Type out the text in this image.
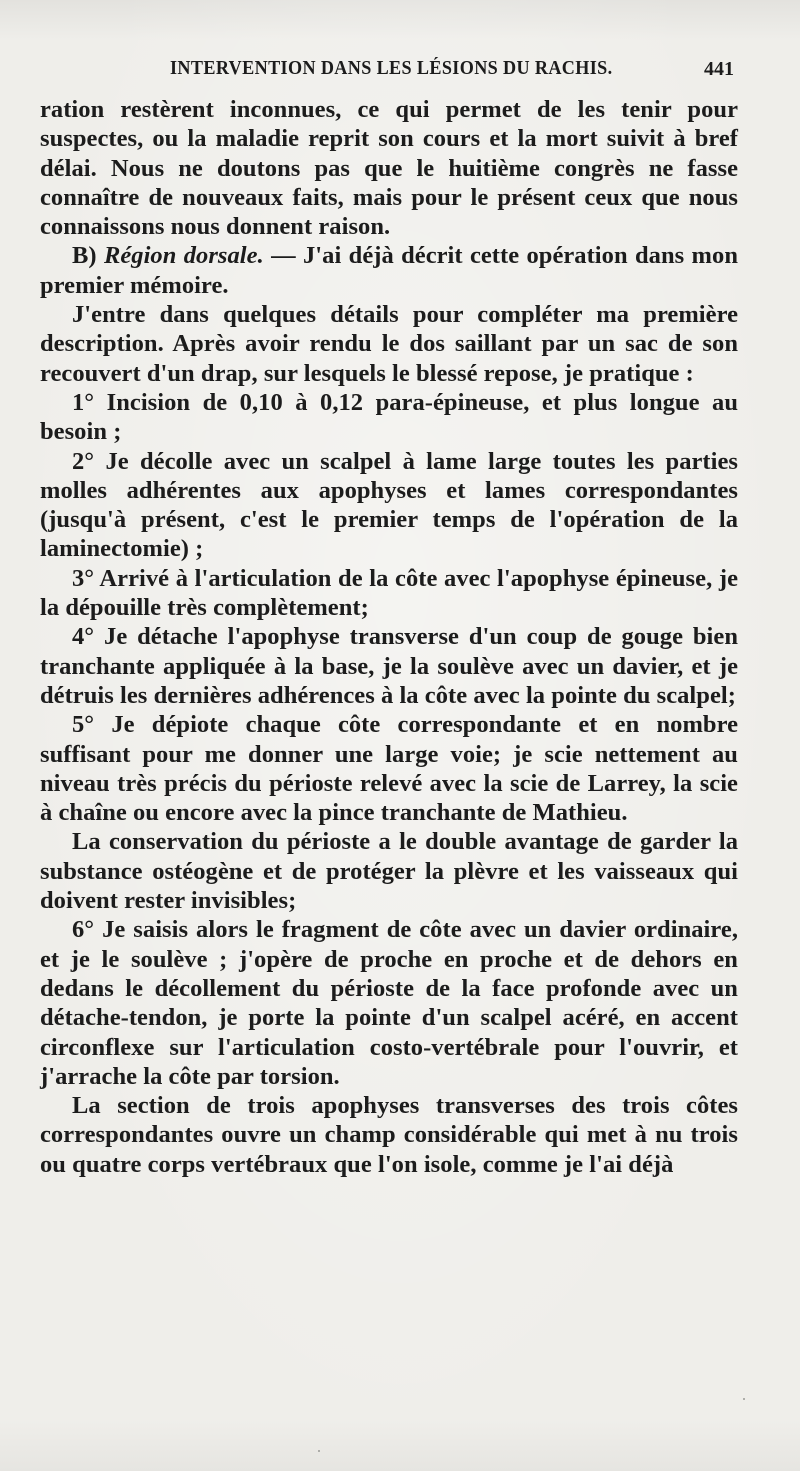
INTERVENTION DANS LES LÉSIONS DU RACHIS.	441

ration restèrent inconnues, ce qui permet de les tenir pour suspectes, ou la maladie reprit son cours et la mort suivit à bref délai. Nous ne doutons pas que le huitième congrès ne fasse connaître de nouveaux faits, mais pour le présent ceux que nous connaissons nous donnent raison.

B) Région dorsale. — J'ai déjà décrit cette opération dans mon premier mémoire.

J'entre dans quelques détails pour compléter ma première description. Après avoir rendu le dos saillant par un sac de son recouvert d'un drap, sur lesquels le blessé repose, je pratique :

1° Incision de 0,10 à 0,12 para-épineuse, et plus longue au besoin ;

2° Je décolle avec un scalpel à lame large toutes les parties molles adhérentes aux apophyses et lames correspondantes (jusqu'à présent, c'est le premier temps de l'opération de la laminectomie) ;

3° Arrivé à l'articulation de la côte avec l'apophyse épineuse, je la dépouille très complètement;

4° Je détache l'apophyse transverse d'un coup de gouge bien tranchante appliquée à la base, je la soulève avec un davier, et je détruis les dernières adhérences à la côte avec la pointe du scalpel;

5° Je dépiote chaque côte correspondante et en nombre suffisant pour me donner une large voie; je scie nettement au niveau très précis du périoste relevé avec la scie de Larrey, la scie à chaîne ou encore avec la pince tranchante de Mathieu.

La conservation du périoste a le double avantage de garder la substance ostéogène et de protéger la plèvre et les vaisseaux qui doivent rester invisibles;

6° Je saisis alors le fragment de côte avec un davier ordinaire, et je le soulève ; j'opère de proche en proche et de dehors en dedans le décollement du périoste de la face profonde avec un détache-tendon, je porte la pointe d'un scalpel acéré, en accent circonflexe sur l'articulation costo-vertébrale pour l'ouvrir, et j'arrache la côte par torsion.

La section de trois apophyses transverses des trois côtes correspondantes ouvre un champ considérable qui met à nu trois ou quatre corps vertébraux que l'on isole, comme je l'ai déjà
